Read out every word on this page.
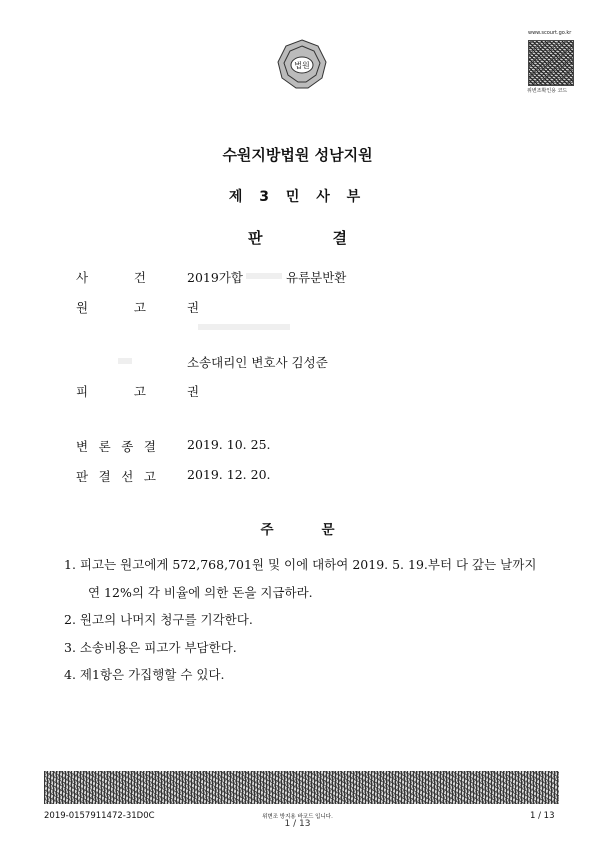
법원
www.scourt.go.kr
위변조확인용 코드
수원지방법원 성남지원
제 3 민 사 부
판	결
사	건	2019가합	유류분반환
원	고	권
소송대리인 변호사 김성준
피	고	권
변 론 종 결 2019. 10. 25.
판 결 선 고 2019. 12. 20.
주	문
1. 피고는 원고에게 572,768,701원 및 이에 대하여 2019. 5. 19.부터 다 갚는 날까지
연 12%의 각 비율에 의한 돈을 지급하라.
2. 원고의 나머지 청구를 기각한다.
3. 소송비용은 피고가 부담한다.
4. 제1항은 가집행할 수 있다.
2019-0157911472-31D0C	위변조 방지용 바코드 입니다.
1 / 13
1 / 13
